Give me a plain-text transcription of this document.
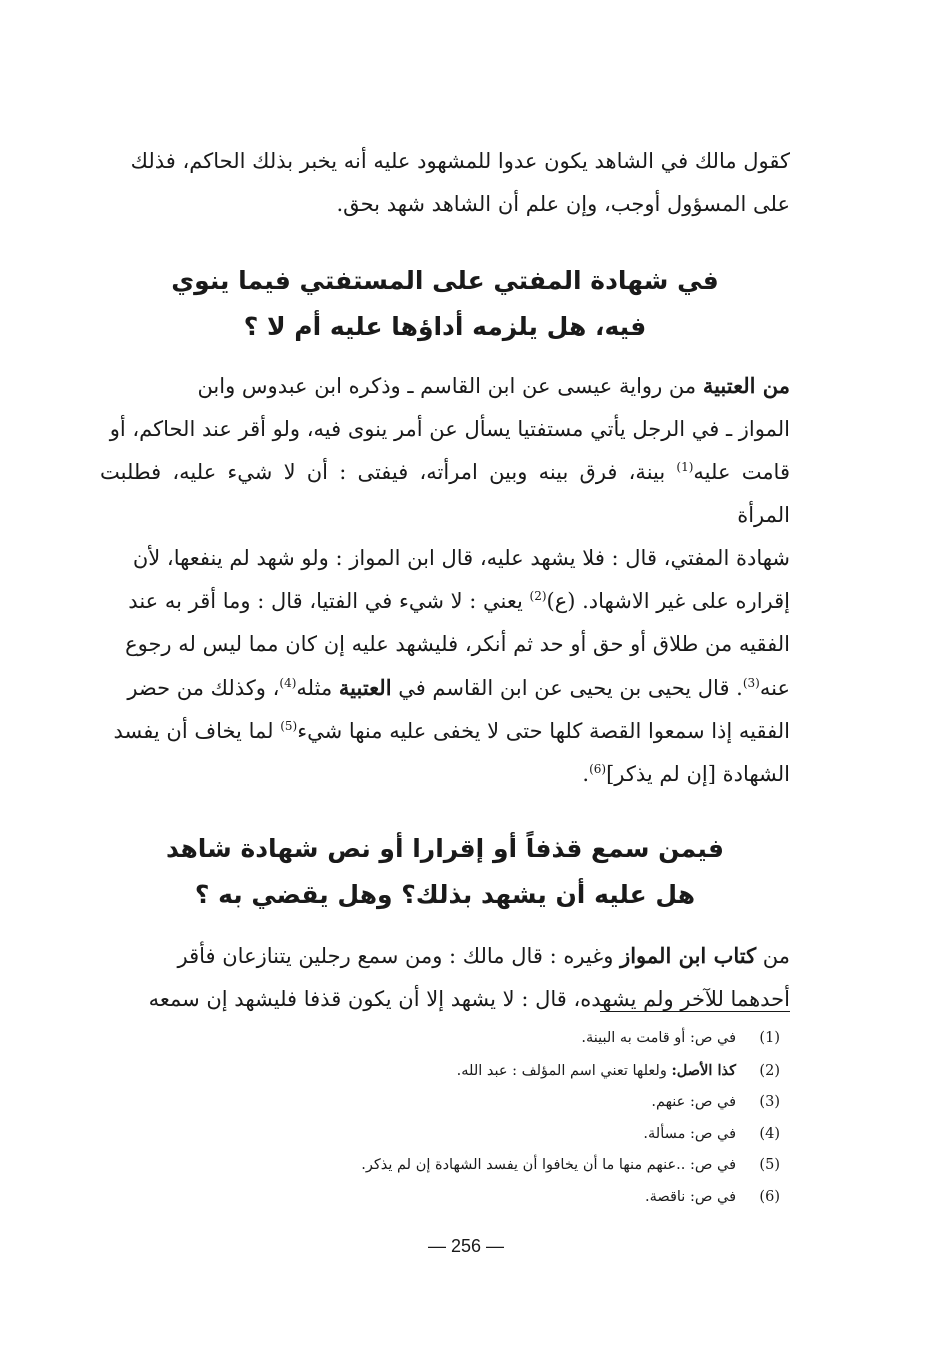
كقول مالك في الشاهد يكون عدوا للمشهود عليه أنه يخبر بذلك الحاكم، فذلك
على المسؤول أوجب، وإن علم أن الشاهد شهد بحق.

في شهادة المفتي على المستفتي فيما ينوي
فيه، هل يلزمه أداؤها عليه أم لا ؟

من العتبية من رواية عيسى عن ابن القاسم ـ وذكره ابن عبدوس وابن
المواز ـ في الرجل يأتي مستفتيا يسأل عن أمر ينوى فيه، ولو أقر عند الحاكم، أو
قامت عليه$^{(1)}$ بينة، فرق بينه وبين امرأته، فيفتى : أن لا شيء عليه، فطلبت المرأة
شهادة المفتي، قال : فلا يشهد عليه، قال ابن المواز : ولو شهد لم ينفعها، لأن
إقراره على غير الاشهاد. (ع)$^{(2)}$ يعني : لا شيء في الفتيا، قال : وما أقر به عند
الفقيه من طلاق أو حق أو حد ثم أنكر، فليشهد عليه إن كان مما ليس له رجوع
عنه$^{(3)}$. قال يحيى بن يحيى عن ابن القاسم في العتبية مثله$^{(4)}$، وكذلك من حضر
الفقيه إذا سمعوا القصة كلها حتى لا يخفى عليه منها شيء$^{(5)}$ لما يخاف أن يفسد
الشهادة [إن لم يذكر]$^{(6)}$.

فيمن سمع قذفاً أو إقرارا أو نص شهادة شاهد
هل عليه أن يشهد بذلك؟ وهل يقضي به ؟

من كتاب ابن المواز وغيره : قال مالك : ومن سمع رجلين يتنازعان فأقر
أحدهما للآخر ولم يشهده، قال : لا يشهد إلا أن يكون قذفا فليشهد إن سمعه

(1)
في ص: أو قامت به البينة.
(2)
كذا الأصل: ولعلها تعني اسم المؤلف : عبد الله.
(3)
في ص: عنهم.
(4)
في ص: مسألة.
(5)
في ص: ..عنهم منها ما أن يخافوا أن يفسد الشهادة إن لم يذكر.
(6)
في ص: ناقصة.
— 256 —
